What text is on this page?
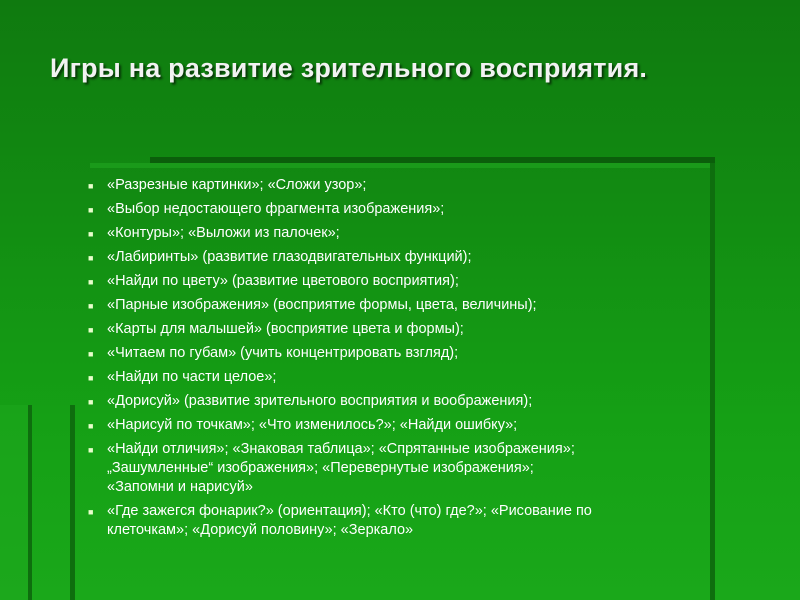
Игры на развитие зрительного восприятия.
■ «Разрезные картинки»; «Сложи узор»;
■ «Выбор недостающего фрагмента изображения»;
■ «Контуры»; «Выложи из палочек»;
■ «Лабиринты» (развитие глазодвигательных функций);
■ «Найди по цвету» (развитие цветового восприятия);
■ «Парные изображения» (восприятие формы, цвета, величины);
■ «Карты для малышей» (восприятие цвета и формы);
■ «Читаем по губам» (учить концентрировать взгляд);
■ «Найди по части целое»;
■ «Дорисуй» (развитие зрительного восприятия и воображения);
■ «Нарисуй по точкам»; «Что изменилось?»; «Найди ошибку»;
■ «Найди отличия»; «Знаковая таблица»; «Спрятанные изображения»;
„Зашумленные“ изображения»; «Перевернутые изображения»;
«Запомни и нарисуй»
■ «Где зажегся фонарик?» (ориентация); «Кто (что) где?»; «Рисование по
клеточкам»; «Дорисуй половину»; «Зеркало»
